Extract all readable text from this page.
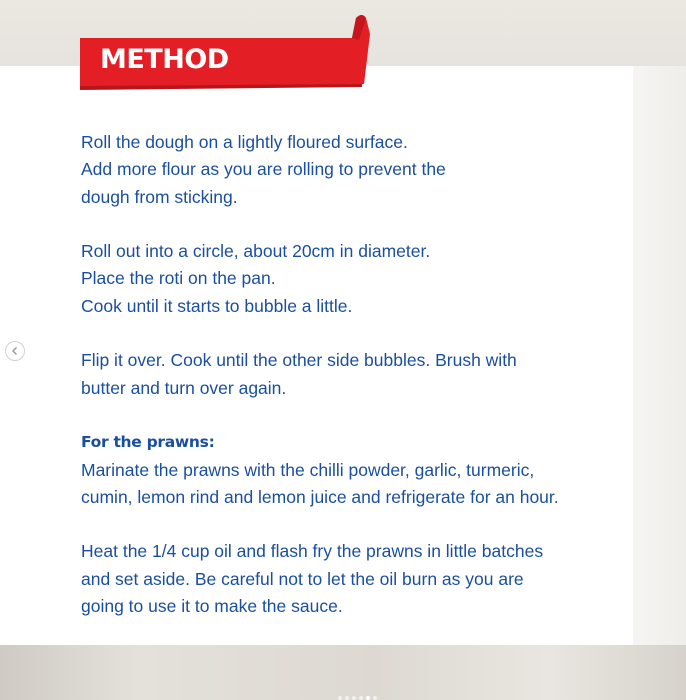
METHOD

Roll the dough on a lightly floured surface.
Add more flour as you are rolling to prevent the
dough from sticking.

Roll out into a circle, about 20cm in diameter.
Place the roti on the pan.
Cook until it starts to bubble a little.

Flip it over. Cook until the other side bubbles. Brush with
butter and turn over again.

For the prawns:
Marinate the prawns with the chilli powder, garlic, turmeric,
cumin, lemon rind and lemon juice and refrigerate for an hour.

Heat the 1/4 cup oil and flash fry the prawns in little batches
and set aside. Be careful not to let the oil burn as you are
going to use it to make the sauce.
